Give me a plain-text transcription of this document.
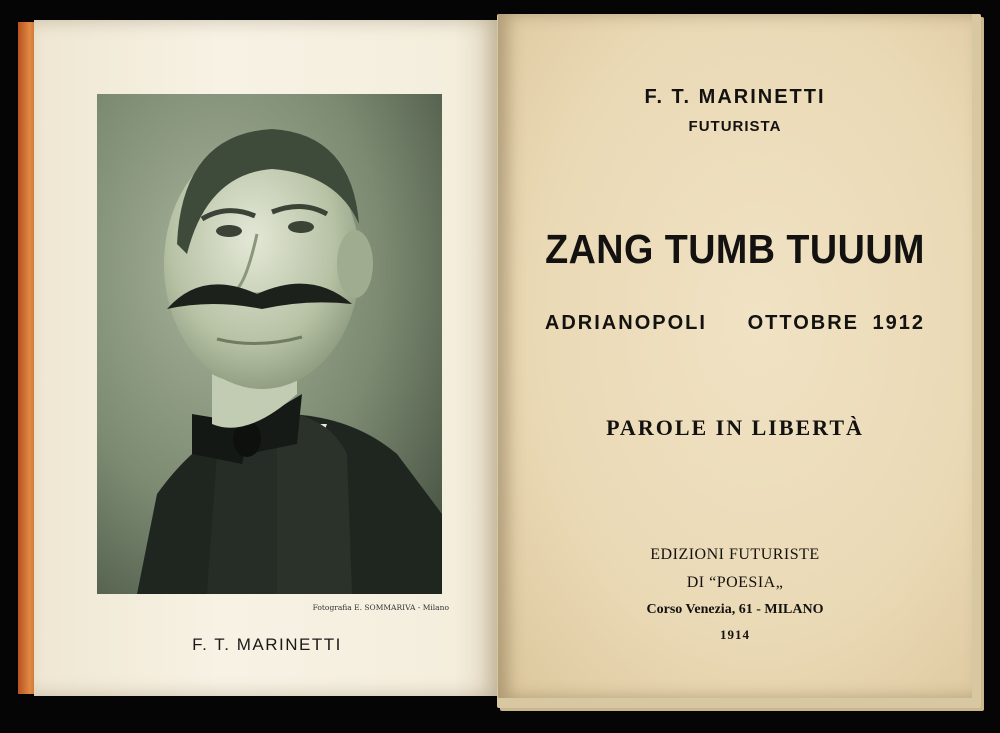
Fotografia E. SOMMARIVA - Milano
F. T. MARINETTI
F. T. MARINETTI
FUTURISTA
ZANG TUMB TUUUM
ADRIANOPOLI   OTTOBRE 1912
PAROLE IN LIBERTÀ
EDIZIONI FUTURISTE
DI “POESIA„
Corso Venezia, 61 - MILANO
1914
